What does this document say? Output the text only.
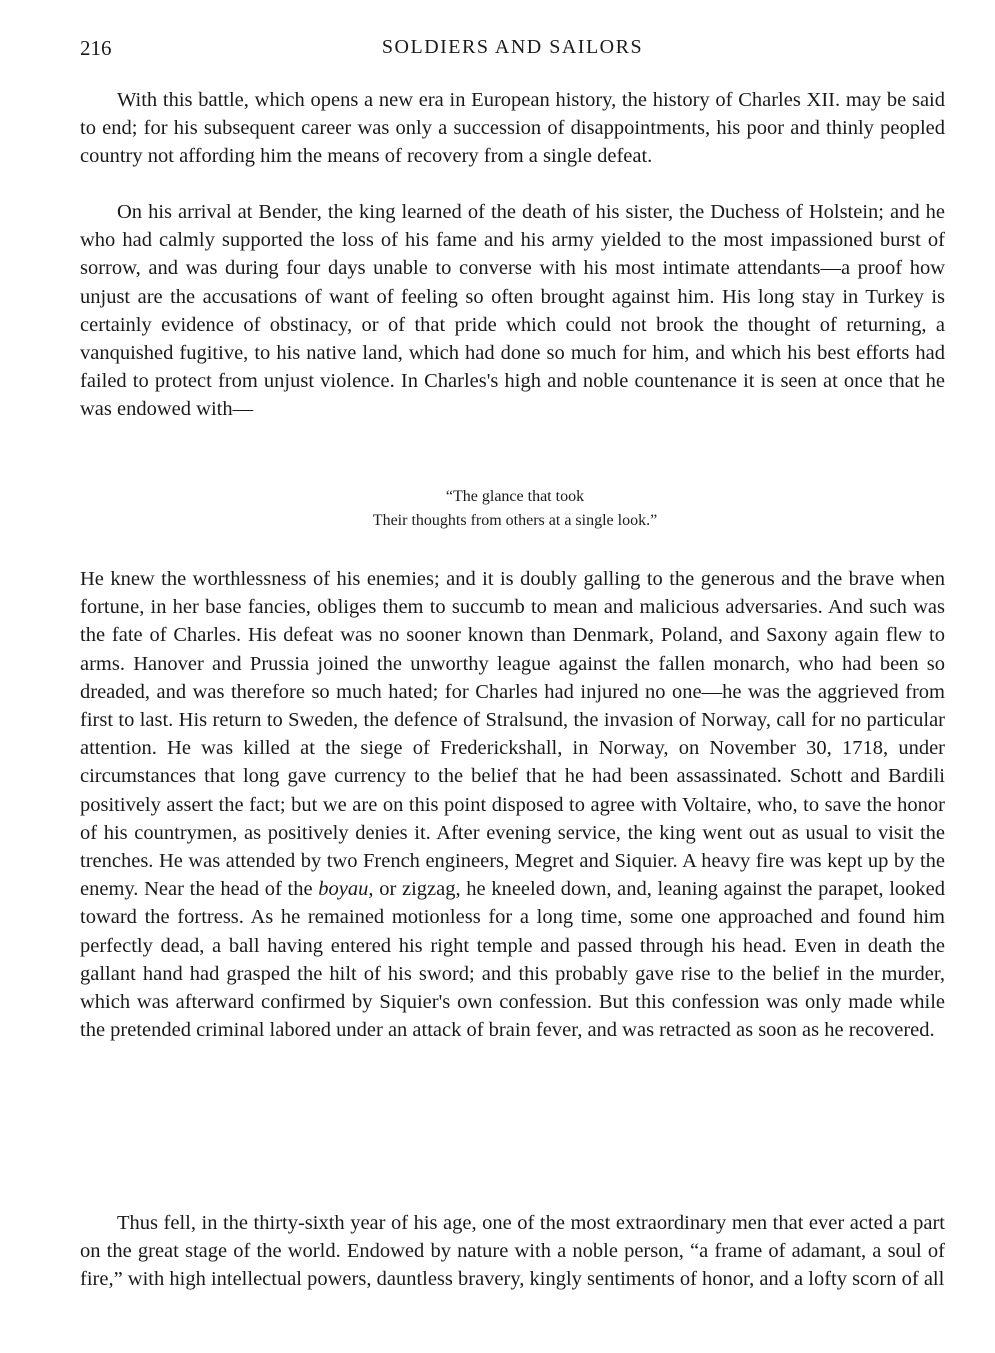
216	SOLDIERS AND SAILORS

With this battle, which opens a new era in European history, the history of Charles XII. may be said to end; for his subsequent career was only a succession of disappointments, his poor and thinly peopled country not affording him the means of recovery from a single defeat.

On his arrival at Bender, the king learned of the death of his sister, the Duchess of Holstein; and he who had calmly supported the loss of his fame and his army yielded to the most impassioned burst of sorrow, and was during four days unable to converse with his most intimate attendants—a proof how unjust are the accusations of want of feeling so often brought against him. His long stay in Turkey is certainly evidence of obstinacy, or of that pride which could not brook the thought of returning, a vanquished fugitive, to his native land, which had done so much for him, and which his best efforts had failed to protect from unjust violence. In Charles's high and noble countenance it is seen at once that he was endowed with—

“The glance that took
Their thoughts from others at a single look.”

He knew the worthlessness of his enemies; and it is doubly galling to the generous and the brave when fortune, in her base fancies, obliges them to succumb to mean and malicious adversaries. And such was the fate of Charles. His defeat was no sooner known than Denmark, Poland, and Saxony again flew to arms. Hanover and Prussia joined the unworthy league against the fallen monarch, who had been so dreaded, and was therefore so much hated; for Charles had injured no one—he was the aggrieved from first to last. His return to Sweden, the defence of Stralsund, the invasion of Norway, call for no particular attention. He was killed at the siege of Frederickshall, in Norway, on November 30, 1718, under circumstances that long gave currency to the belief that he had been assassinated. Schott and Bardili positively assert the fact; but we are on this point disposed to agree with Voltaire, who, to save the honor of his countrymen, as positively denies it. After evening service, the king went out as usual to visit the trenches. He was attended by two French engineers, Megret and Siquier. A heavy fire was kept up by the enemy. Near the head of the boyau, or zigzag, he kneeled down, and, leaning against the parapet, looked toward the fortress. As he remained motionless for a long time, some one approached and found him perfectly dead, a ball having entered his right temple and passed through his head. Even in death the gallant hand had grasped the hilt of his sword; and this probably gave rise to the belief in the murder, which was afterward confirmed by Siquier's own confession. But this confession was only made while the pretended criminal labored under an attack of brain fever, and was retracted as soon as he recovered.

Thus fell, in the thirty-sixth year of his age, one of the most extraordinary men that ever acted a part on the great stage of the world. Endowed by nature with a noble person, “a frame of adamant, a soul of fire,” with high intellectual powers, dauntless bravery, kingly sentiments of honor, and a lofty scorn of all
